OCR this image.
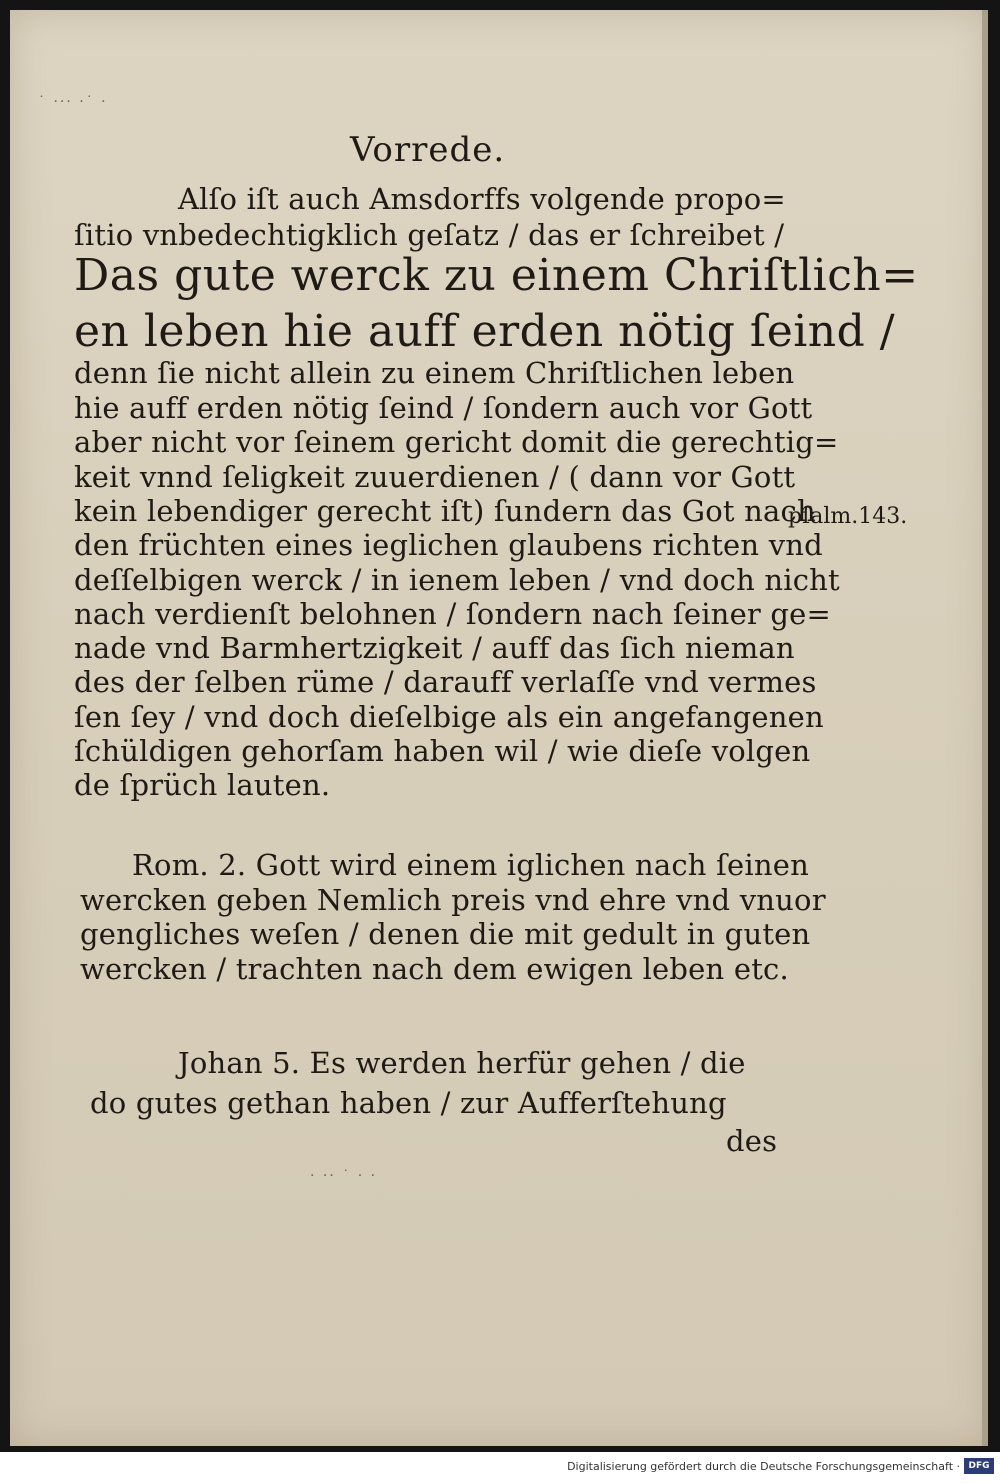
˙ ··· ·˙ ·
· ·· ˙ · ·
Vorrede.
Alſo iſt auch Amsdorffs volgende propo=
ſitio vnbedechtigklich geſatz / das er ſchreibet /
Das gute werck zu einem Chriſtlich=
en leben hie auff erden nötig ſeind /
denn ſie nicht allein zu einem Chriſtlichen leben
hie auff erden nötig ſeind / ſondern auch vor Gott
aber nicht vor ſeinem gericht domit die gerechtig=
keit vnnd ſeligkeit zuuerdienen / ( dann vor Gott
kein lebendiger gerecht iſt) ſundern das Got nach
pſalm.143.
den früchten eines ieglichen glaubens richten vnd
deſſelbigen werck / in ienem leben / vnd doch nicht
nach verdienſt belohnen / ſondern nach ſeiner ge=
nade vnd Barmhertzigkeit / auff das ſich nieman
des der ſelben rüme / darauff verlaſſe vnd vermes
ſen ſey / vnd doch dieſelbige als ein angefangenen
ſchüldigen gehorſam haben wil / wie dieſe volgen
de ſprüch lauten.
Rom. 2. Gott wird einem iglichen nach ſeinen
wercken geben Nemlich preis vnd ehre vnd vnuor
gengliches weſen / denen die mit gedult in guten
wercken / trachten nach dem ewigen leben etc.
Johan 5. Es werden herfür gehen / die
do gutes gethan haben / zur Aufferſtehung
des
Digitalisierung gefördert durch die Deutsche Forschungsgemeinschaft · DFG
